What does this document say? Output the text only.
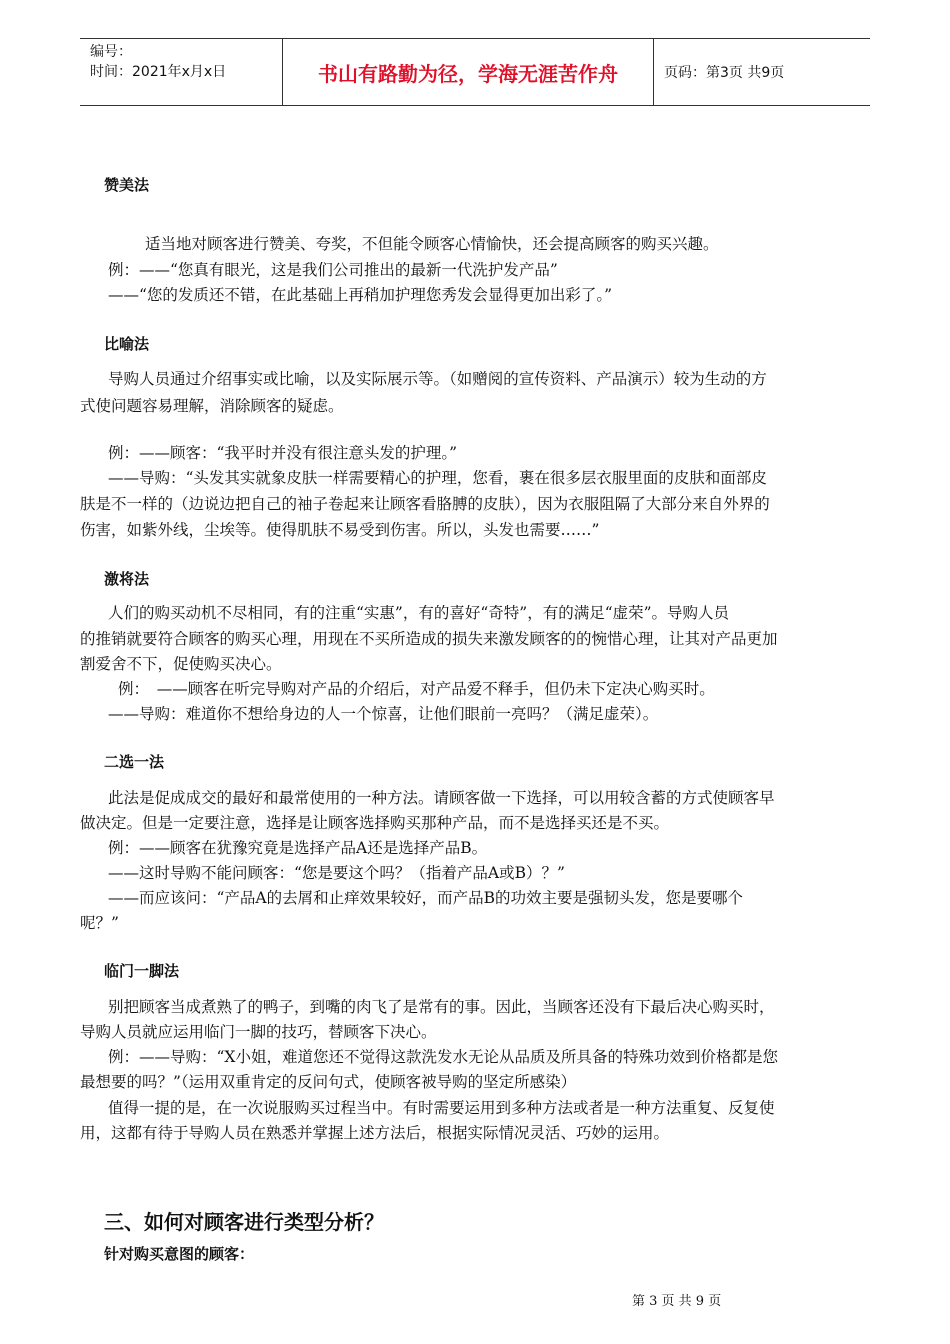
编号：
时间：2021年x月x日	书山有路勤为径，学海无涯苦作舟	页码：第3页 共9页
赞美法
适当地对顾客进行赞美、夸奖，不但能令顾客心情愉快，还会提高顾客的购买兴趣。
例：——“您真有眼光，这是我们公司推出的最新一代洗护发产品”
——“您的发质还不错，在此基础上再稍加护理您秀发会显得更加出彩了。”
比喻法
导购人员通过介绍事实或比喻，以及实际展示等。（如赠阅的宣传资料、产品演示）较为生动的方
式使问题容易理解，消除顾客的疑虑。
例：——顾客：“我平时并没有很注意头发的护理。”
——导购：“头发其实就象皮肤一样需要精心的护理，您看，裹在很多层衣服里面的皮肤和面部皮
肤是不一样的（边说边把自己的袖子卷起来让顾客看胳膊的皮肤），因为衣服阻隔了大部分来自外界的
伤害，如紫外线，尘埃等。使得肌肤不易受到伤害。所以，头发也需要……”
激将法
人们的购买动机不尽相同，有的注重“实惠”，有的喜好“奇特”，有的满足“虚荣”。导购人员
的推销就要符合顾客的购买心理，用现在不买所造成的损失来激发顾客的的惋惜心理，让其对产品更加
割爱舍不下，促使购买决心。
例：　——顾客在听完导购对产品的介绍后，对产品爱不释手，但仍未下定决心购买时。
——导购：难道你不想给身边的人一个惊喜，让他们眼前一亮吗？（满足虚荣）。
二选一法
此法是促成成交的最好和最常使用的一种方法。请顾客做一下选择，可以用较含蓄的方式使顾客早
做决定。但是一定要注意，选择是让顾客选择购买那种产品，而不是选择买还是不买。
例：——顾客在犹豫究竟是选择产品A还是选择产品B。
——这时导购不能问顾客：“您是要这个吗？（指着产品A或B）？”
——而应该问：“产品A的去屑和止痒效果较好，而产品B的功效主要是强韧头发，您是要哪个
呢？”
临门一脚法
别把顾客当成煮熟了的鸭子，到嘴的肉飞了是常有的事。因此，当顾客还没有下最后决心购买时，
导购人员就应运用临门一脚的技巧，替顾客下决心。
例：——导购：“X小姐，难道您还不觉得这款洗发水无论从品质及所具备的特殊功效到价格都是您
最想要的吗？”（运用双重肯定的反问句式，使顾客被导购的坚定所感染）
值得一提的是，在一次说服购买过程当中。有时需要运用到多种方法或者是一种方法重复、反复使
用，这都有待于导购人员在熟悉并掌握上述方法后，根据实际情况灵活、巧妙的运用。
三、如何对顾客进行类型分析？
针对购买意图的顾客：
第 3 页 共 9 页
